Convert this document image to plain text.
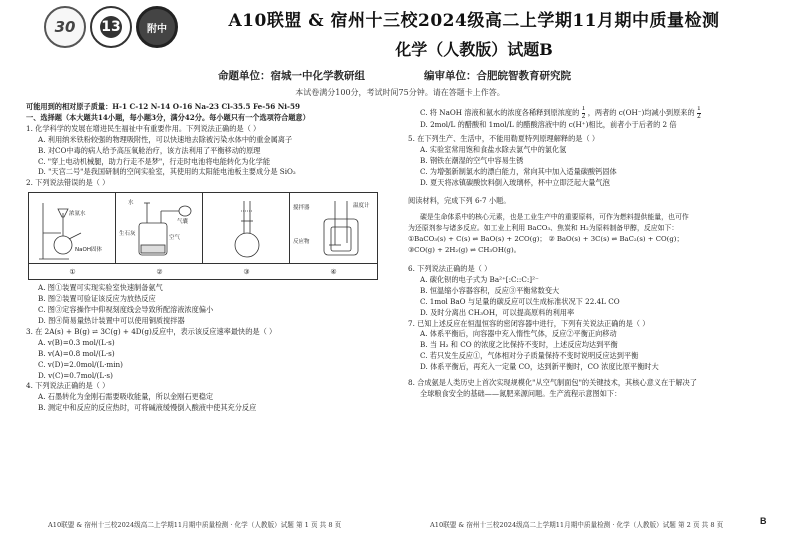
30 13	附中	A10联盟 & 宿州十三校2024级高二上学期11月期中质量检测
化学（人教版）试题B
命题单位：宿城一中化学教研组	编审单位：合肥皖智教育研究院
本试卷满分100分，考试时间75分钟。请在答题卡上作答。

可能用到的相对原子质量：H-1 C-12 N-14 O-16 Na-23 Cl-35.5 Fe-56 Ni-59

一、选择题（本大题共14小题，每小题3分，满分42分。每小题只有一个选项符合题意）

1. 化学科学的发展在增进民生福祉中有重要作用。下列说法正确的是（ ）

A. 利用纳米铁粉较强的物理吸附性，可以快速地去除被污染水体中的重金属离子

B. 对CO中毒的病人给予高压氧舱治疗，该方法利用了平衡移动的原理

C. "穿上电动机械腿，助力行走不是梦"，行走时电池将电能转化为化学能

D. "天宫二号"是我国研制的空间实验室，其使用的太阳能电池板主要成分是 SiO₂

2. 下列说法错误的是（ ）

浓氨水
NaOH固体
水
生石灰
气囊
空气
搅拌器	温度计
反应物
①	②	③	④

A. 图①装置可实现实验室快速制备氨气

B. 图②装置可验证该反应为放热反应

C. 图③定容操作中仰视刻度线会导致所配溶液浓度偏小

D. 图④简易量热计装置中可以使用铜质搅拌器

3. 在 2A(s) + B(g) ⇌ 3C(g) + 4D(g)反应中，表示该反应速率最快的是（ ）

A. v(B)=0.3 mol/(L·s)

B. v(A)=0.8 mol/(L·s)

C. v(D)=2.0mol/(L·min)

D. v(C)=0.7mol/(L·s)

4. 下列说法正确的是（ ）

A. 石墨转化为金刚石需要吸收能量，所以金刚石更稳定

B. 测定中和反应的反应热时，可将碱液缓慢倒入酸液中使其充分反应

C. 将 NaOH 溶液和氨水的浓度各稀释到原浓度的 $\frac{1}{2}$ ，两者的 c(OH⁻)均减小到原来的 $\frac{1}{2}$

D. 2mol/L 的醋酸和 1mol/L 的醋酸溶液中的 c(H⁺)相比，前者小于后者的 2 倍

5. 在下列生产、生活中，不能用勒夏特列原理解释的是（ ）

A. 实验室常用饱和食盐水除去氯气中的氯化氢

B. 钢铁在潮湿的空气中容易生锈

C. 为增强新制氯水的漂白能力，常向其中加入适量碳酸钙固体

D. 夏天将冰镇碳酸饮料倒入玻璃杯，杯中立即泛起大量气泡

阅读材料，完成下列 6-7 小题。

碳是生命体系中的核心元素，也是工业生产中的重要原料，可作为燃料提供能量，也可作

为还原剂参与诸多反应。如工业上利用 BaCO₃、焦炭和 H₂为原料制备甲醇，反应如下：

①BaCO₃(s) + C(s) ⇌ BaO(s) + 2CO(g)； ② BaO(s) + 3C(s) ⇌ BaC₂(s) + CO(g)；

③CO(g) + 2H₂(g) ⇌ CH₃OH(g)。

6. 下列说法正确的是（ ）

A. 碳化钡的电子式为 Ba²⁺[:C::C:]²⁻

B. 恒温缩小容器容积，反应③平衡常数变大

C. 1mol BaO 与足量的碳反应可以生成标准状况下 22.4L CO

D. 及时分离出 CH₃OH，可以提高原料的利用率

7. 已知上述反应在恒温恒容的密闭容器中进行，下列有关说法正确的是（ ）

A. 体系平衡后，向容器中充入惰性气体，反应②平衡正向移动

B. 当 H₂ 和 CO 的浓度之比保持不变时，上述反应均达到平衡

C. 若只发生反应①，气体相对分子质量保持不变时说明反应达到平衡

D. 体系平衡后，再充入一定量 CO，达到新平衡时，CO 浓度比原平衡时大

8. 合成氨是人类历史上首次实现规模化"从空气制面包"的关键技术，其核心意义在于解决了

全球粮食安全的基础——氮肥来源问题。生产流程示意图如下：

A10联盟 & 宿州十三校2024级高二上学期11月期中质量检测 · 化学（人教版）试题 第 1 页 共 8 页	A10联盟 & 宿州十三校2024级高二上学期11月期中质量检测 · 化学（人教版）试题 第 2 页 共 8 页	B
